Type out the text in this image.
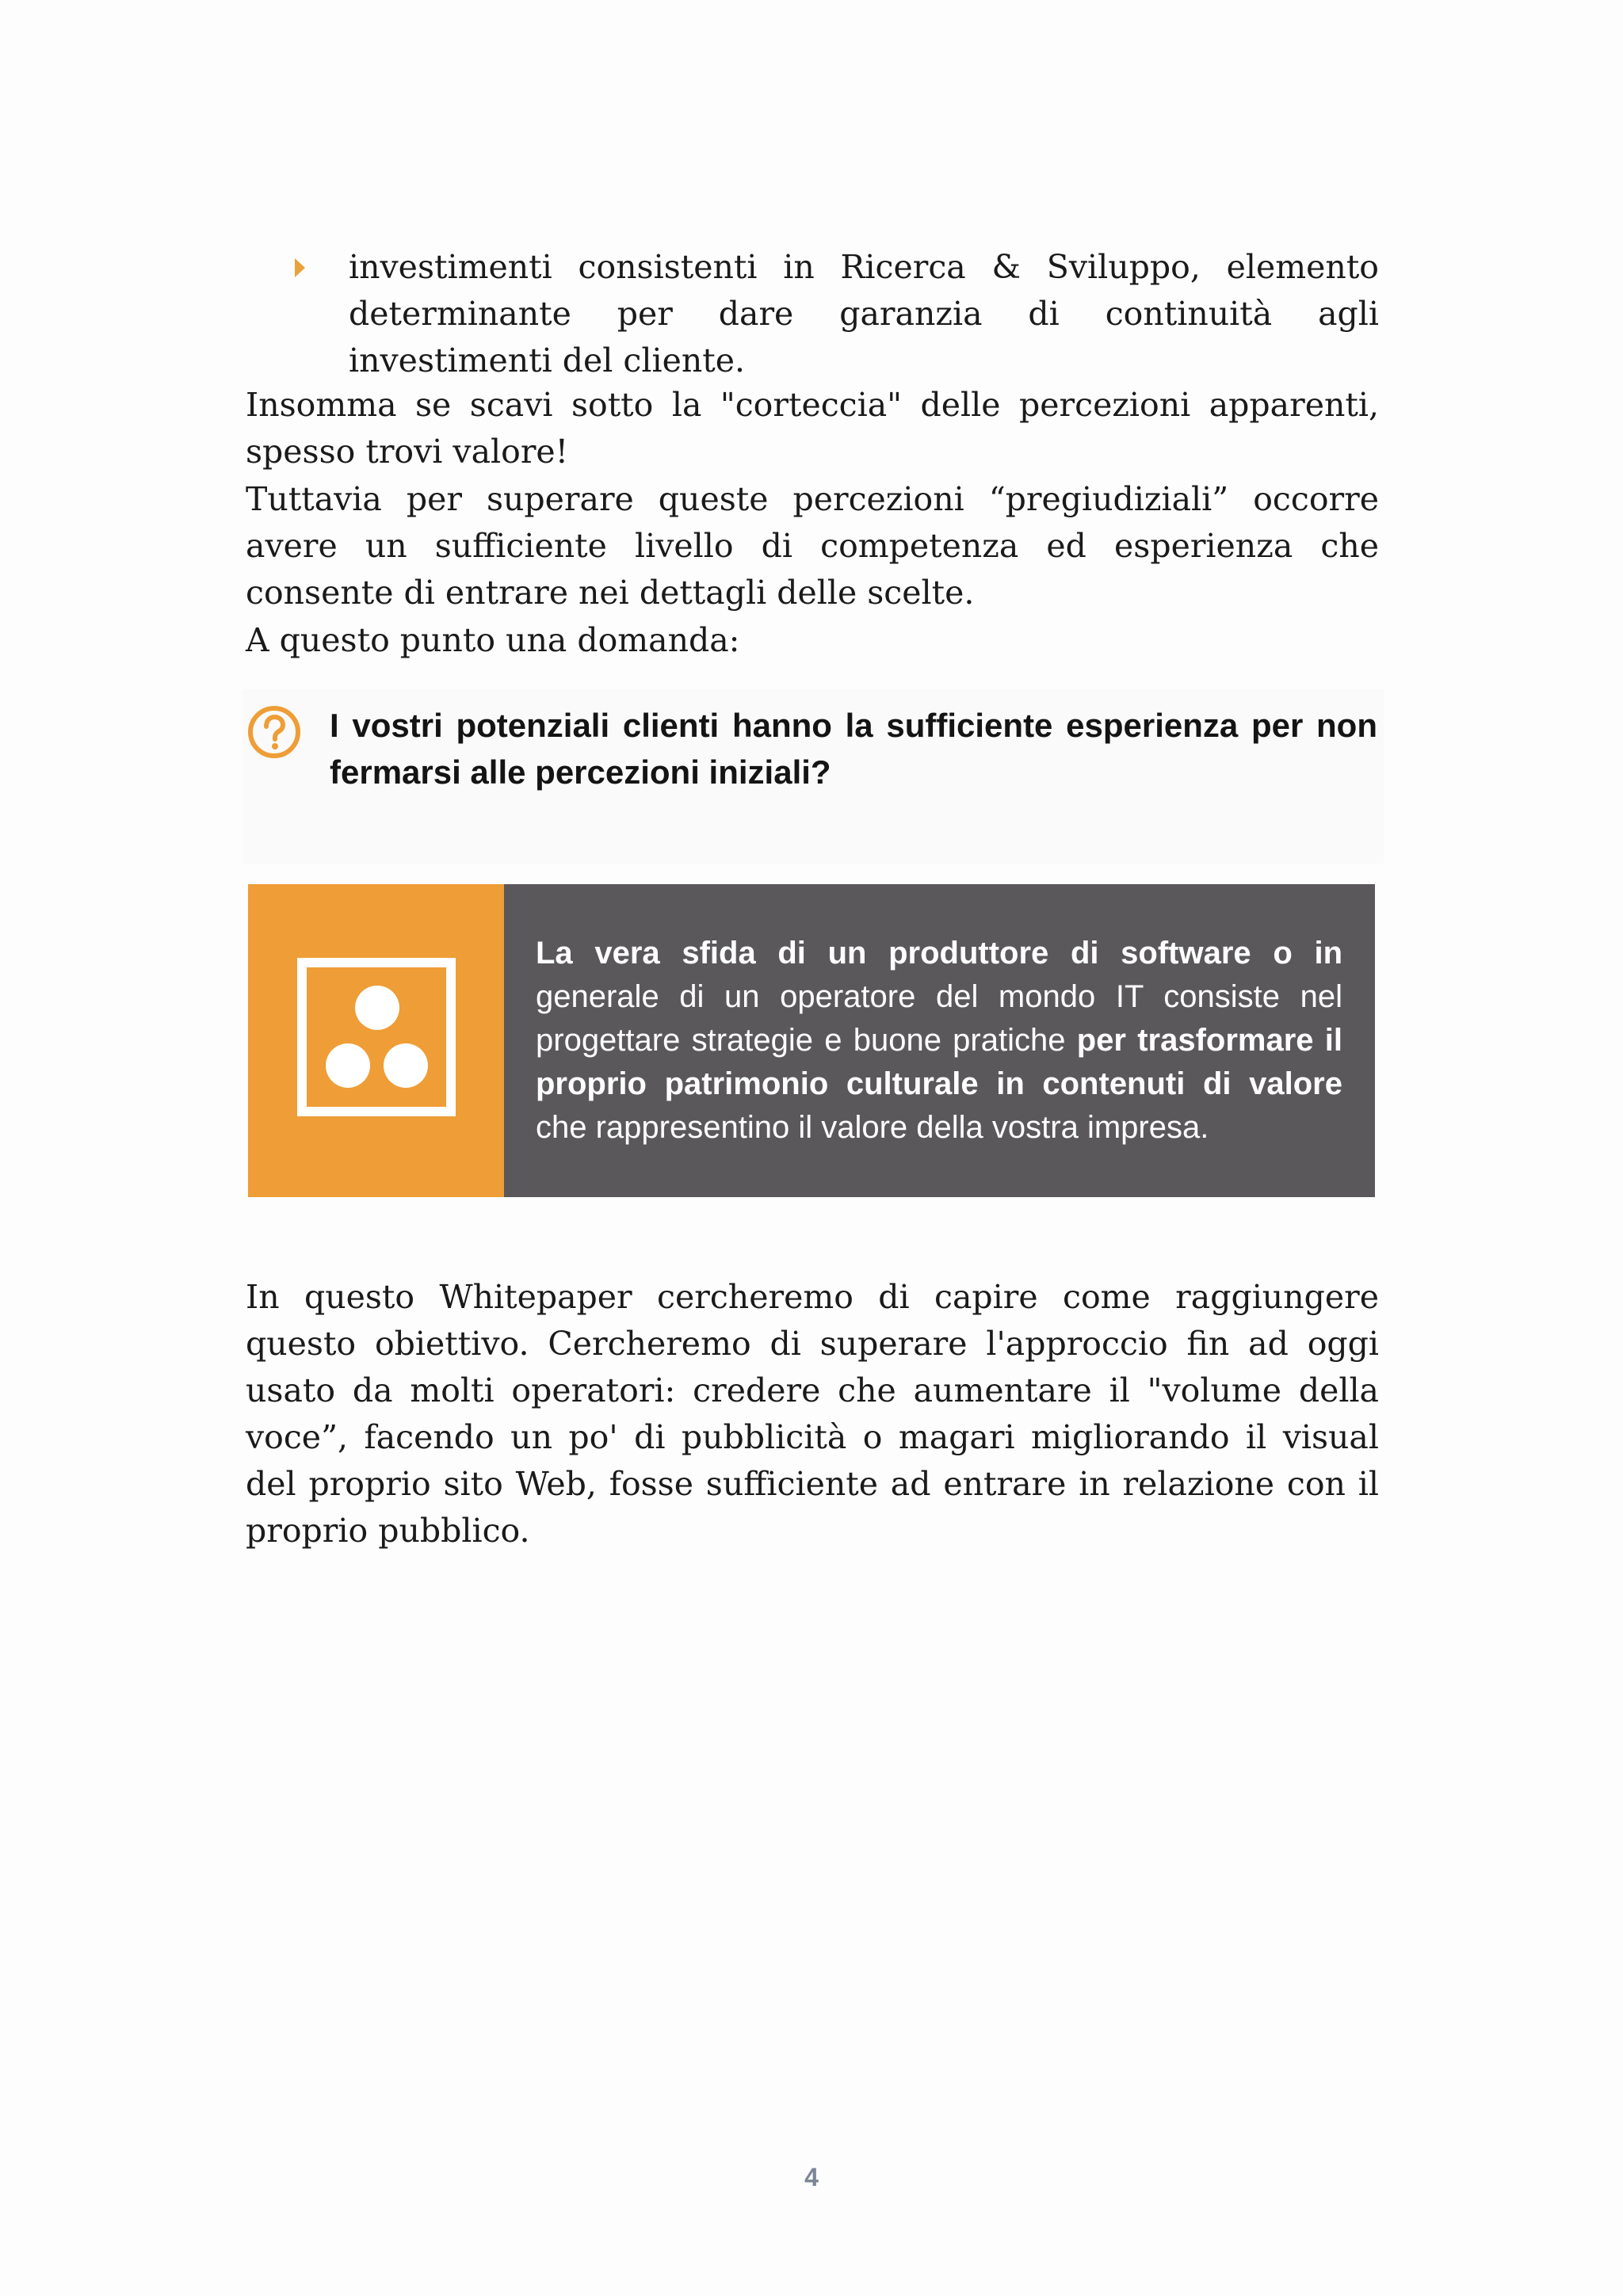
investimenti consistenti in Ricerca & Sviluppo, elemento determinante per dare garanzia di continuità agli investimenti del cliente.

Insomma se scavi sotto la "corteccia" delle percezioni apparenti, spesso trovi valore!

Tuttavia per superare queste percezioni “pregiudiziali” occorre avere un sufficiente livello di competenza ed esperienza che consente di entrare nei dettagli delle scelte.

A questo punto una domanda:

I vostri potenziali clienti hanno la sufficiente esperienza per non fermarsi alle percezioni iniziali?
La vera sfida di un produttore di software o in generale di un operatore del mondo IT consiste nel progettare strategie e buone pratiche per trasformare il proprio patrimonio culturale in contenuti di valore che rappresentino il valore della vostra impresa.

In questo Whitepaper cercheremo di capire come raggiungere questo obiettivo. Cercheremo di superare l'approccio fin ad oggi usato da molti operatori: credere che aumentare il "volume della voce”, facendo un po' di pubblicità o magari migliorando il visual del proprio sito Web, fosse sufficiente ad entrare in relazione con il proprio pubblico.

4
